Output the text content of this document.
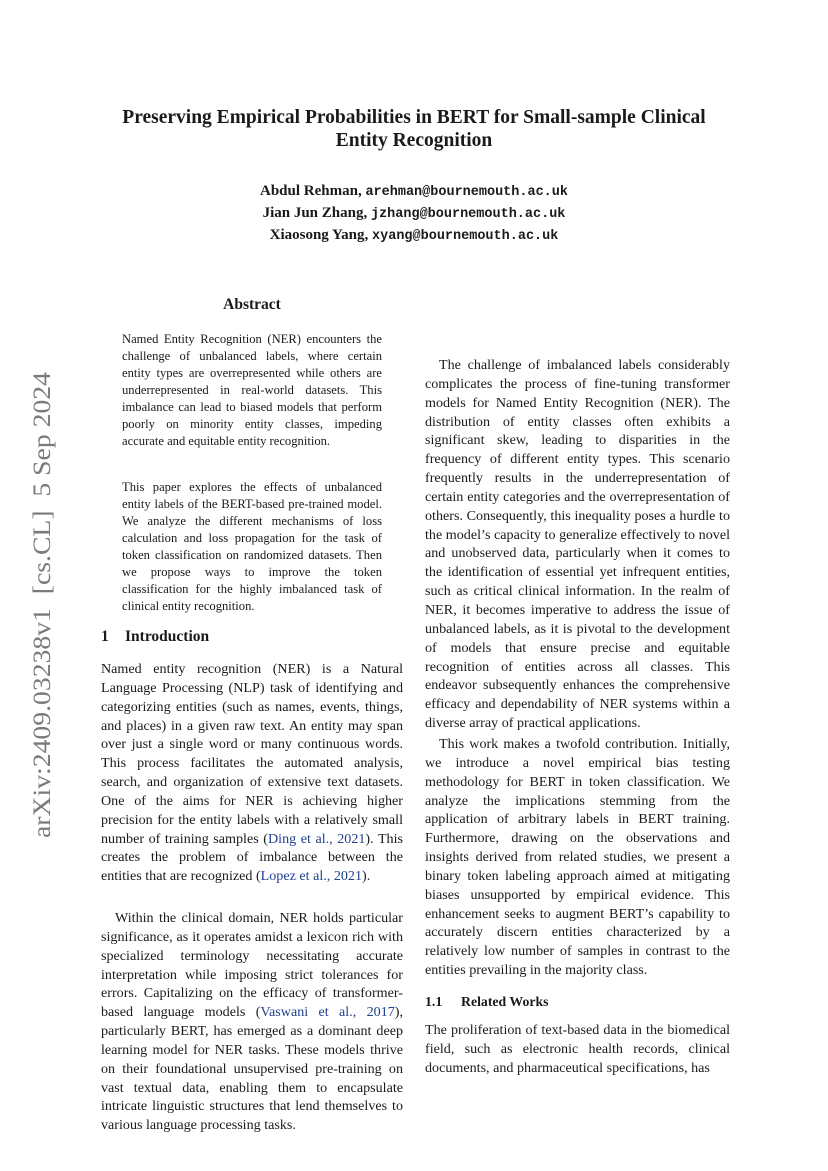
Preserving Empirical Probabilities in BERT for Small-sample Clinical Entity Recognition
Abdul Rehman, arehman@bournemouth.ac.uk
Jian Jun Zhang, jzhang@bournemouth.ac.uk
Xiaosong Yang, xyang@bournemouth.ac.uk
arXiv:2409.03238v1  [cs.CL]  5 Sep 2024
Abstract
Named Entity Recognition (NER) encounters the challenge of unbalanced labels, where certain entity types are overrepresented while others are underrepresented in real-world datasets. This imbalance can lead to biased models that perform poorly on minority entity classes, impeding accurate and equitable entity recognition.
This paper explores the effects of unbalanced entity labels of the BERT-based pre-trained model. We analyze the different mechanisms of loss calculation and loss propagation for the task of token classification on randomized datasets. Then we propose ways to improve the token classification for the highly imbalanced task of clinical entity recognition.
1 Introduction
Named entity recognition (NER) is a Natural Language Processing (NLP) task of identifying and categorizing entities (such as names, events, things, and places) in a given raw text. An entity may span over just a single word or many continuous words. This process facilitates the automated analysis, search, and organization of extensive text datasets. One of the aims for NER is achieving higher precision for the entity labels with a relatively small number of training samples (Ding et al., 2021). This creates the problem of imbalance between the entities that are recognized (Lopez et al., 2021).
Within the clinical domain, NER holds particular significance, as it operates amidst a lexicon rich with specialized terminology necessitating accurate interpretation while imposing strict tolerances for errors. Capitalizing on the efficacy of transformer-based language models (Vaswani et al., 2017), particularly BERT, has emerged as a dominant deep learning model for NER tasks. These models thrive on their foundational unsupervised pre-training on vast textual data, enabling them to encapsulate intricate linguistic structures that lend themselves to various language processing tasks.
The challenge of imbalanced labels considerably complicates the process of fine-tuning transformer models for Named Entity Recognition (NER). The distribution of entity classes often exhibits a significant skew, leading to disparities in the frequency of different entity types. This scenario frequently results in the underrepresentation of certain entity categories and the overrepresentation of others. Consequently, this inequality poses a hurdle to the model’s capacity to generalize effectively to novel and unobserved data, particularly when it comes to the identification of essential yet infrequent entities, such as critical clinical information. In the realm of NER, it becomes imperative to address the issue of unbalanced labels, as it is pivotal to the development of models that ensure precise and equitable recognition of entities across all classes. This endeavor subsequently enhances the comprehensive efficacy and dependability of NER systems within a diverse array of practical applications.
This work makes a twofold contribution. Initially, we introduce a novel empirical bias testing methodology for BERT in token classification. We analyze the implications stemming from the application of arbitrary labels in BERT training. Furthermore, drawing on the observations and insights derived from related studies, we present a binary token labeling approach aimed at mitigating biases unsupported by empirical evidence. This enhancement seeks to augment BERT’s capability to accurately discern entities characterized by a relatively low number of samples in contrast to the entities prevailing in the majority class.
1.1 Related Works
The proliferation of text-based data in the biomedical field, such as electronic health records, clinical documents, and pharmaceutical specifications, has
